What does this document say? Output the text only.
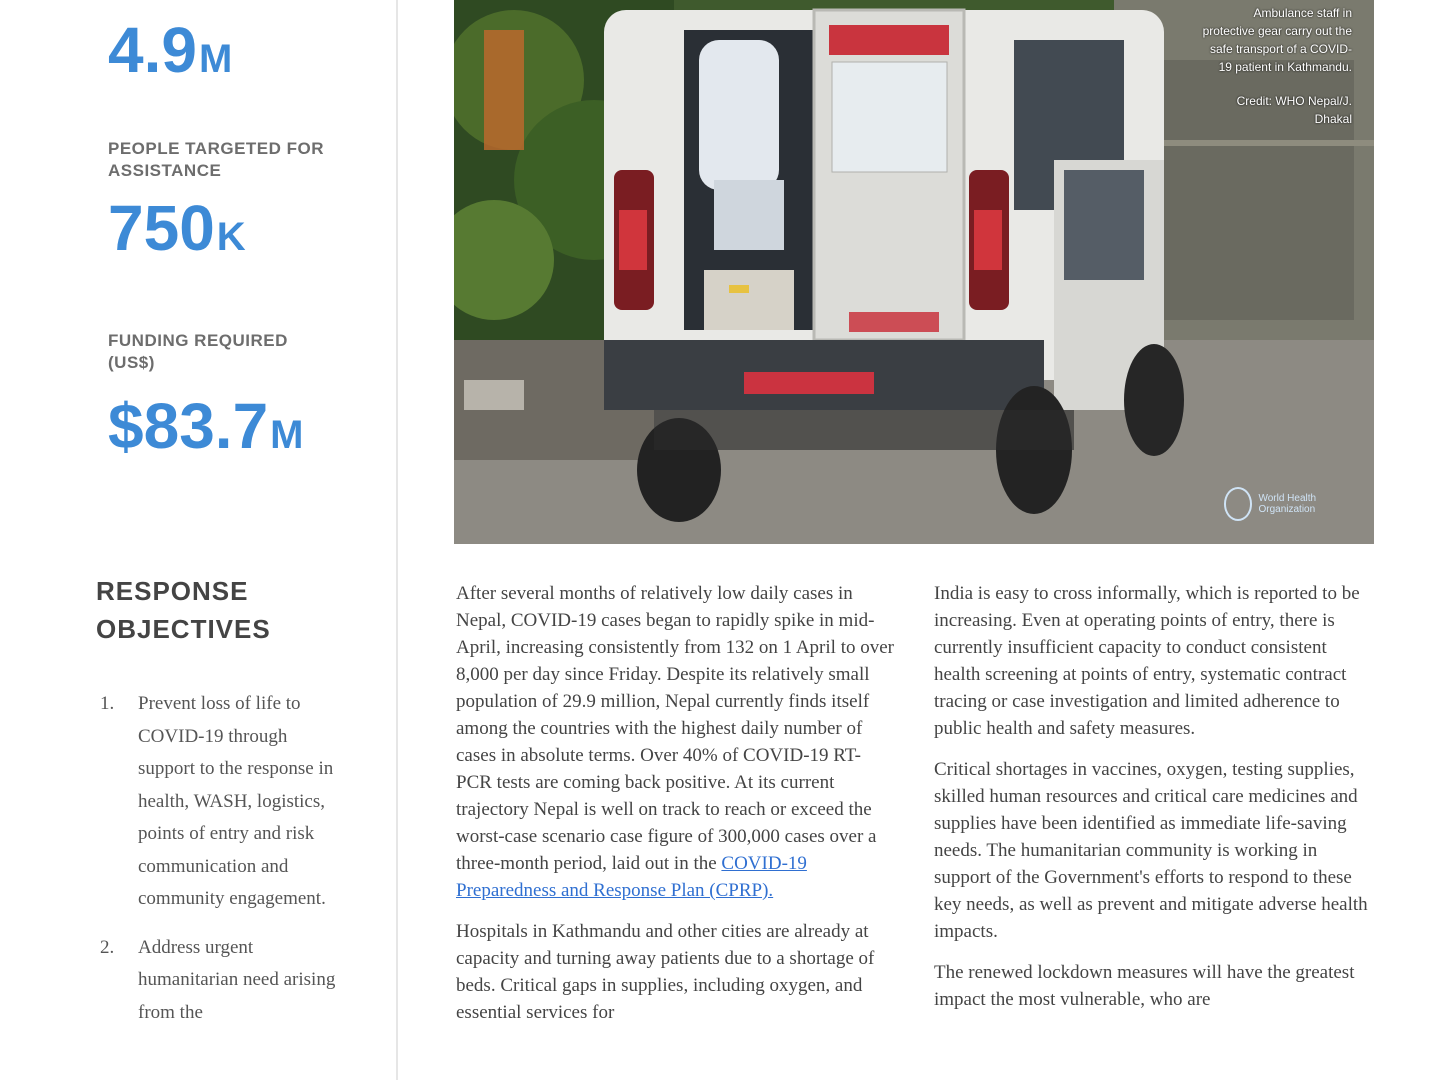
4.9M
PEOPLE TARGETED FOR ASSISTANCE
750K
FUNDING REQUIRED (US$)
$83.7M
RESPONSE OBJECTIVES
1. Prevent loss of life to COVID-19 through support to the response in health, WASH, logistics, points of entry and risk communication and community engagement.
2. Address urgent humanitarian need arising from the
Ambulance staff in protective gear carry out the safe transport of a COVID-19 patient in Kathmandu.
Credit: WHO Nepal/J. Dhakal
World Health Organization

After several months of relatively low daily cases in Nepal, COVID-19 cases began to rapidly spike in mid-April, increasing consistently from 132 on 1 April to over 8,000 per day since Friday. Despite its relatively small population of 29.9 million, Nepal currently finds itself among the countries with the highest daily number of cases in absolute terms. Over 40% of COVID-19 RT-PCR tests are coming back positive. At its current trajectory Nepal is well on track to reach or exceed the worst-case scenario case figure of 300,000 cases over a three-month period, laid out in the COVID-19 Preparedness and Response Plan (CPRP).

Hospitals in Kathmandu and other cities are already at capacity and turning away patients due to a shortage of beds. Critical gaps in supplies, including oxygen, and essential services for

India is easy to cross informally, which is reported to be increasing. Even at operating points of entry, there is currently insufficient capacity to conduct consistent health screening at points of entry, systematic contract tracing or case investigation and limited adherence to public health and safety measures.

Critical shortages in vaccines, oxygen, testing supplies, skilled human resources and critical care medicines and supplies have been identified as immediate life-saving needs. The humanitarian community is working in support of the Government's efforts to respond to these key needs, as well as prevent and mitigate adverse health impacts.

The renewed lockdown measures will have the greatest impact the most vulnerable, who are
